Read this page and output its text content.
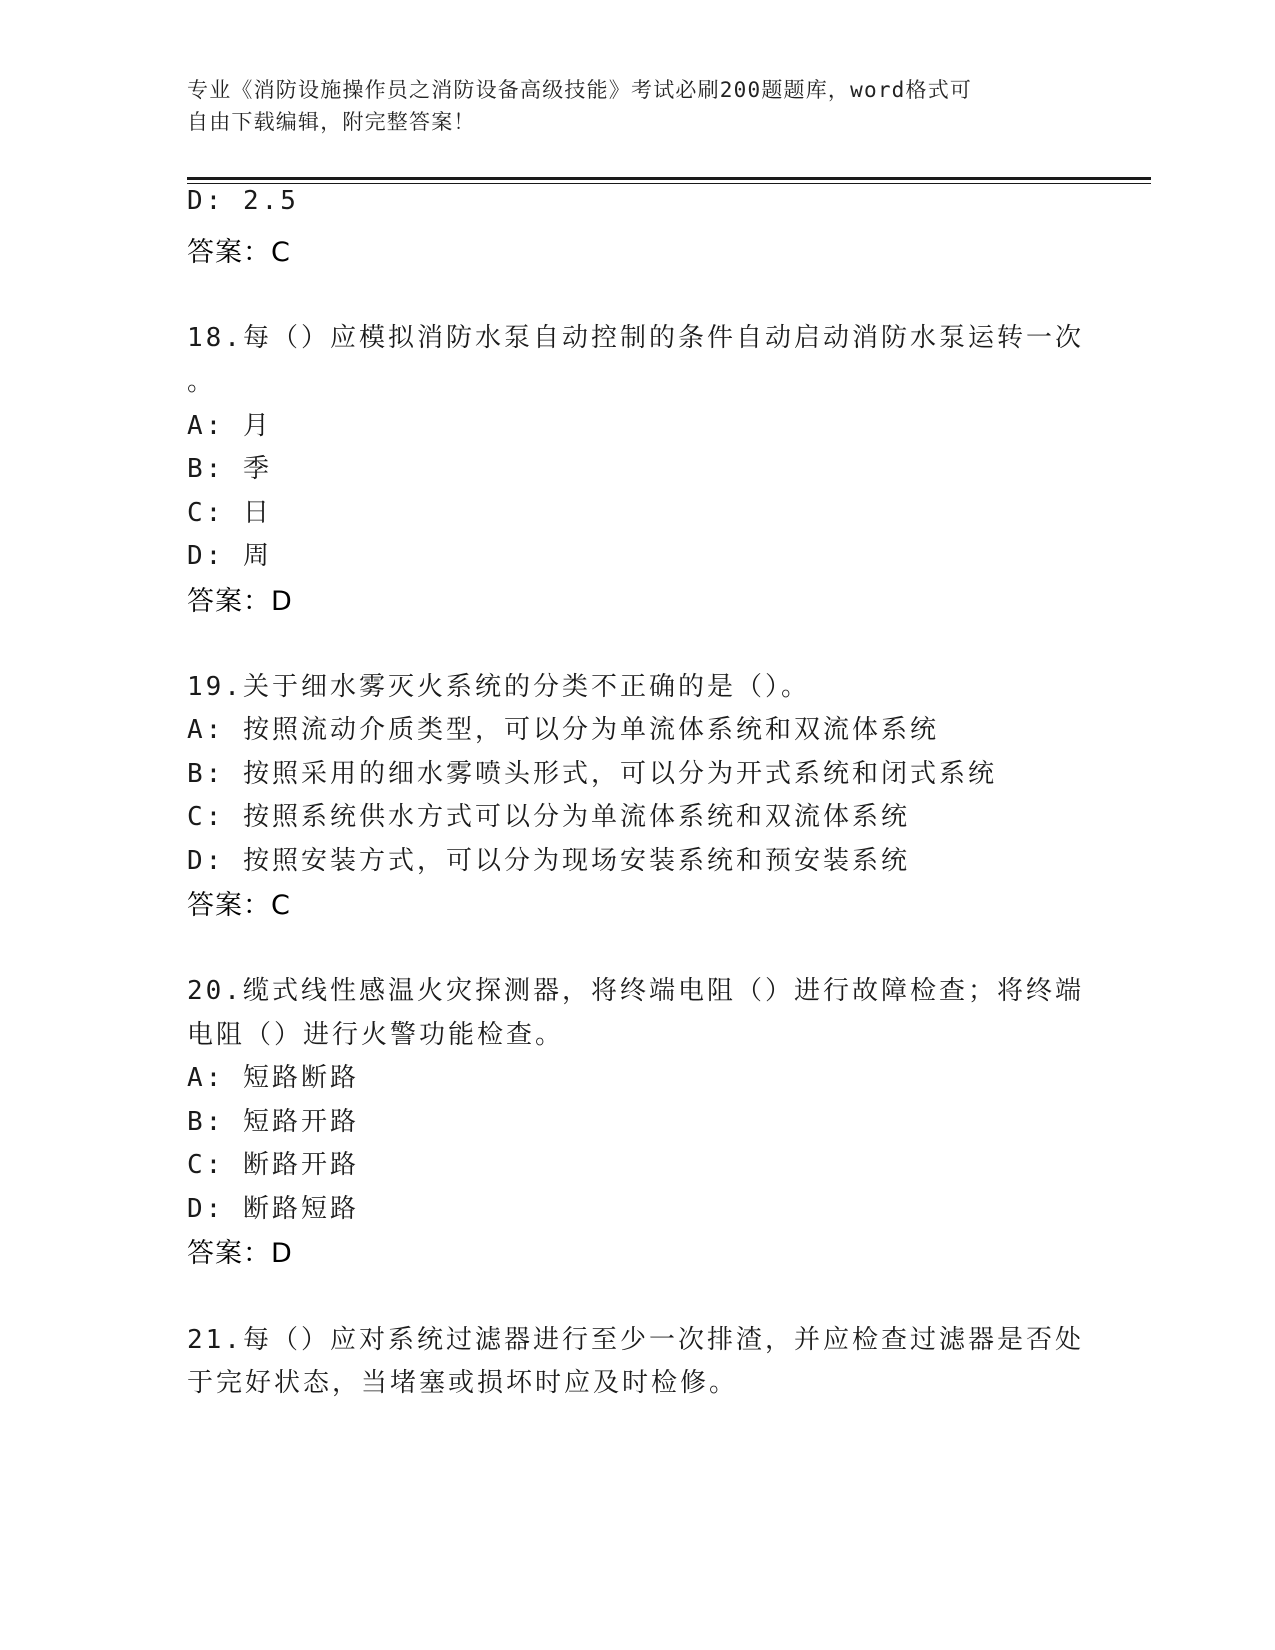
专业《消防设施操作员之消防设备高级技能》考试必刷200题题库，word格式可
自由下载编辑，附完整答案！
D: 2.5
答案：C
18.每（）应模拟消防水泵自动控制的条件自动启动消防水泵运转一次
。
A: 月
B: 季
C: 日
D: 周
答案：D
19.关于细水雾灭火系统的分类不正确的是（）。
A: 按照流动介质类型，可以分为单流体系统和双流体系统
B: 按照采用的细水雾喷头形式，可以分为开式系统和闭式系统
C: 按照系统供水方式可以分为单流体系统和双流体系统
D: 按照安装方式，可以分为现场安装系统和预安装系统
答案：C
20.缆式线性感温火灾探测器，将终端电阻（）进行故障检查；将终端
电阻（）进行火警功能检查。
A: 短路断路
B: 短路开路
C: 断路开路
D: 断路短路
答案：D
21.每（）应对系统过滤器进行至少一次排渣，并应检查过滤器是否处
于完好状态，当堵塞或损坏时应及时检修。
